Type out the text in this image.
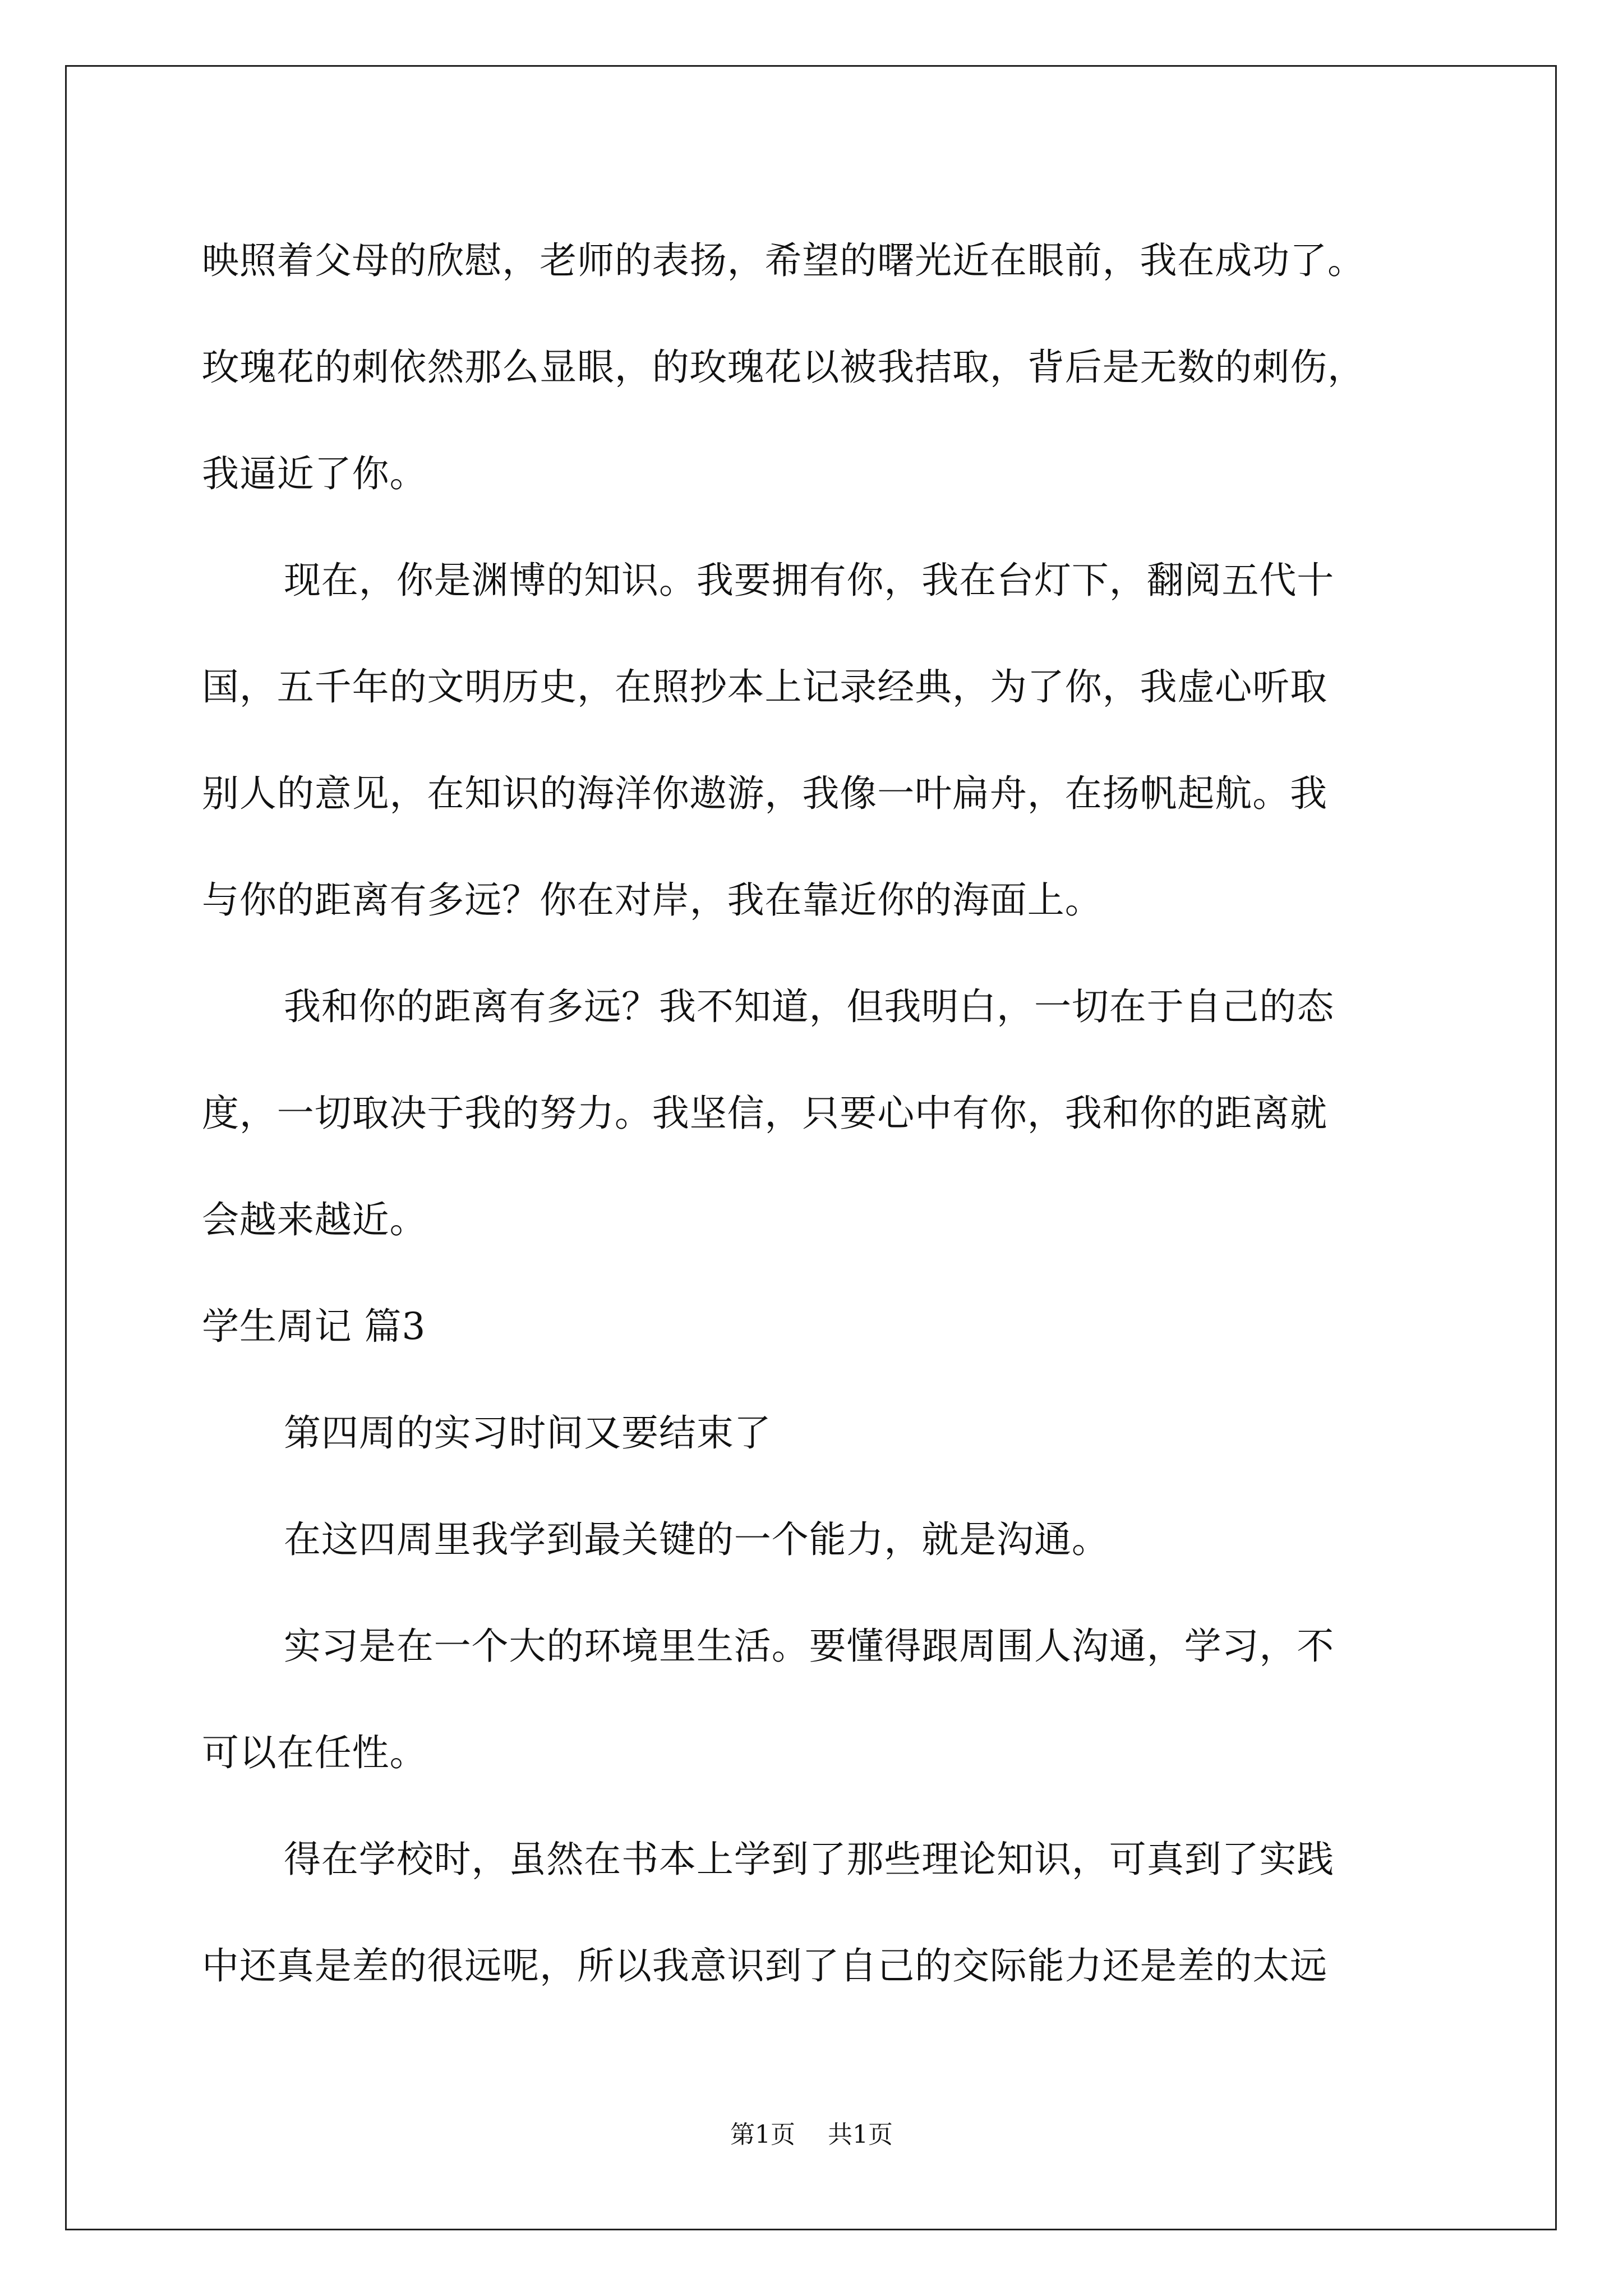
映照着父母的欣慰，老师的表扬，希望的曙光近在眼前，我在成功了。
玫瑰花的刺依然那么显眼，的玫瑰花以被我拮取，背后是无数的刺伤，
我逼近了你。
现在，你是渊博的知识。我要拥有你，我在台灯下，翻阅五代十
国，五千年的文明历史，在照抄本上记录经典，为了你，我虚心听取
别人的意见，在知识的海洋你遨游，我像一叶扁舟，在扬帆起航。我
与你的距离有多远？你在对岸，我在靠近你的海面上。
我和你的距离有多远？我不知道，但我明白，一切在于自己的态
度，一切取决于我的努力。我坚信，只要心中有你，我和你的距离就
会越来越近。
学生周记 篇3
第四周的实习时间又要结束了
在这四周里我学到最关键的一个能力，就是沟通。
实习是在一个大的环境里生活。要懂得跟周围人沟通，学习，不
可以在任性。
得在学校时，虽然在书本上学到了那些理论知识，可真到了实践
中还真是差的很远呢，所以我意识到了自己的交际能力还是差的太远
第1页 共1页
